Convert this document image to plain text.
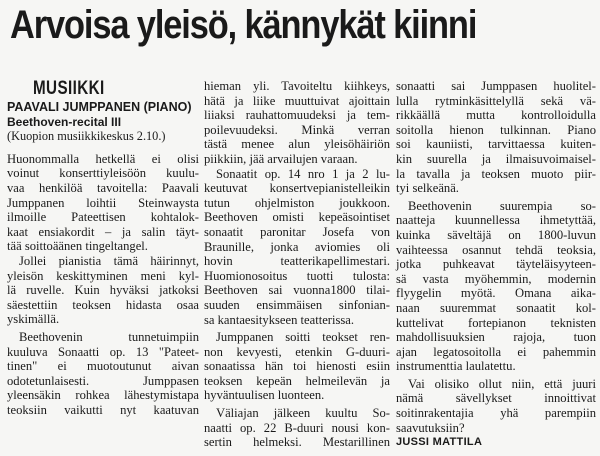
Arvoisa yleisö, kännykät kiinni
MUSIIKKI
PAAVALI JUMPPANEN (PIANO)
Beethoven-recital III
(Kuopion musiikkikeskus 2.10.)
Huonommalla hetkellä ei olisi
voinut konserttiyleisöön kuulu-
vaa henkilöä tavoitella: Paavali
Jumppanen loihtii Steinwaysta
ilmoille Pateettisen kohtalok-
kaat ensiakordit – ja salin täyt-
tää soittoäänen tingeltangel.
Jollei pianistia tämä häirinnyt,
yleisön keskittyminen meni kyl-
lä ruvelle. Kuin hyväksi jatkoksi
säestettiin teoksen hidasta osaa
yskimällä.
Beethovenin tunnetuimpiin
kuuluva Sonaatti op. 13 "Pateet-
tinen" ei muotoutunut aivan
odotetunlaisesti. Jumppasen
yleensäkin rohkea lähestymistapa
teoksiin vaikutti nyt kaatuvan
hieman yli. Tavoiteltu kiihkeys,
hätä ja liike muuttuivat ajoittain
liiaksi rauhattomuudeksi ja tem-
poilevuudeksi. Minkä verran
tästä menee alun yleisöhäiriön
piikkiin, jää arvailujen varaan.
Sonaatit op. 14 nro 1 ja 2 lu-
keutuvat konsertvepianistelleikin
tutun ohjelmiston joukkoon.
Beethoven omisti kepeäsointiset
sonaatit paronitar Josefa von
Braunille, jonka aviomies oli
hovin teatterikapellimestari.
Huomionosoitus tuotti tulosta:
Beethoven sai vuonna1800 tilai-
suuden ensimmäisen sinfonian-
sa kantaesitykseen teatterissa.
Jumppanen soitti teokset ren-
non kevyesti, etenkin G-duuri-
sonaatissa hän toi hienosti esiin
teoksen kepeän helmeilevän ja
hyväntuulisen luonteen.
Väliajan jälkeen kuultu So-
naatti op. 22 B-duuri nousi kon-
sertin helmeksi. Mestarillinen
sonaatti sai Jumppasen huolitel-
lulla rytminkäsittelyllä sekä vä-
rikkäällä mutta kontrolloidulla
soitolla hienon tulkinnan. Piano
soi kauniisti, tarvittaessa kuiten-
kin suurella ja ilmaisuvoimaisel-
la tavalla ja teoksen muoto piir-
tyi selkeänä.
Beethovenin suurempia so-
naatteja kuunnellessa ihmetyttää,
kuinka säveltäjä on 1800-luvun
vaihteessa osannut tehdä teoksia,
jotka puhkeavat täyteläisyyteen-
sä vasta myöhemmin, modernin
flyygelin myötä. Omana aika-
naan suuremmat sonaatit kol-
kuttelivat fortepianon teknisten
mahdollisuuksien rajoja, tuon
ajan legatosoitolla ei pahemmin
instrumenttia laulatettu.
Vai olisiko ollut niin, että juuri
nämä sävellykset innoittivat
soitinrakentajia yhä parempiin
saavutuksiin?
JUSSI MATTILA
